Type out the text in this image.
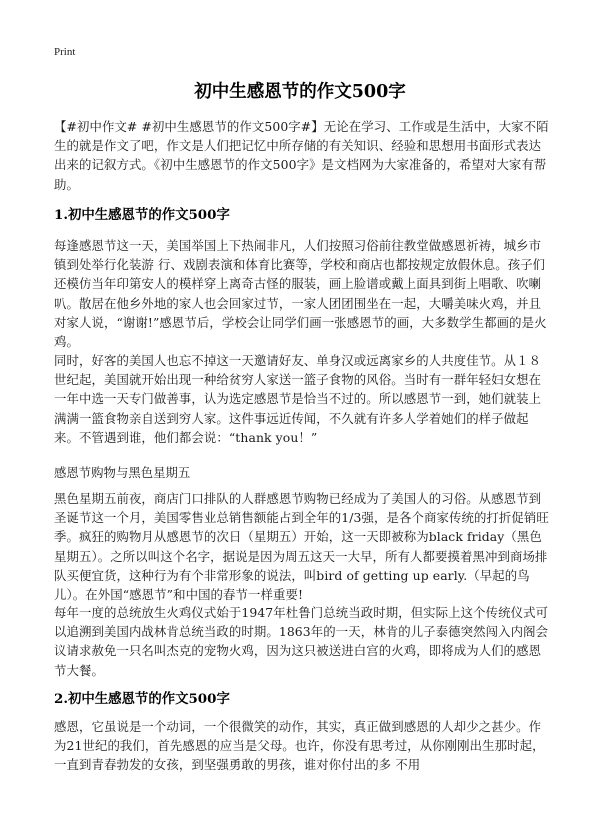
Print
初中生感恩节的作文500字

【#初中作文# #初中生感恩节的作文500字#】无论在学习、工作或是生活中，大家不陌生的就是作文了吧，作文是人们把记忆中所存储的有关知识、经验和思想用书面形式表达出来的记叙方式。《初中生感恩节的作文500字》是文档网为大家准备的，希望对大家有帮助。

1.初中生感恩节的作文500字

每逢感恩节这一天，美国举国上下热闹非凡，人们按照习俗前往教堂做感恩祈祷，城乡市镇到处举行化装游 行、戏剧表演和体育比赛等，学校和商店也都按规定放假休息。孩子们还模仿当年印第安人的模样穿上离奇古怪的服装，画上脸谱或戴上面具到街上唱歌、吹喇叭。散居在他乡外地的家人也会回家过节，一家人团团围坐在一起，大嚼美味火鸡，并且对家人说，“谢谢!”感恩节后，学校会让同学们画一张感恩节的画，大多数学生都画的是火鸡。

同时，好客的美国人也忘不掉这一天邀请好友、单身汉或远离家乡的人共度佳节。从１８世纪起，美国就开始出现一种给贫穷人家送一篮子食物的风俗。当时有一群年轻妇女想在一年中选一天专门做善事，认为选定感恩节是恰当不过的。所以感恩节一到，她们就装上满满一篮食物亲自送到穷人家。这件事远近传闻，不久就有许多人学着她们的样子做起来。不管遇到谁，他们都会说：“thank you！”

感恩节购物与黑色星期五

黑色星期五前夜，商店门口排队的人群感恩节购物已经成为了美国人的习俗。从感恩节到圣诞节这一个月，美国零售业总销售额能占到全年的1/3强，是各个商家传统的打折促销旺季。疯狂的购物月从感恩节的次日（星期五）开始，这一天即被称为black friday（黑色星期五）。之所以叫这个名字，据说是因为周五这天一大早，所有人都要摸着黑冲到商场排队买便宜货，这种行为有个非常形象的说法，叫bird of getting up early.（早起的鸟儿）。在外国“感恩节”和中国的春节一样重要!

每年一度的总统放生火鸡仪式始于1947年杜鲁门总统当政时期，但实际上这个传统仪式可以追溯到美国内战林肯总统当政的时期。1863年的一天，林肯的儿子泰德突然闯入内阁会议请求赦免一只名叫杰克的宠物火鸡，因为这只被送进白宫的火鸡，即将成为人们的感恩节大餐。

2.初中生感恩节的作文500字

感恩，它虽说是一个动词，一个很微笑的动作，其实，真正做到感恩的人却少之甚少。作为21世纪的我们，首先感恩的应当是父母。也许，你没有思考过，从你刚刚出生那时起，一直到青春勃发的女孩，到坚强勇敢的男孩，谁对你付出的多 不用
